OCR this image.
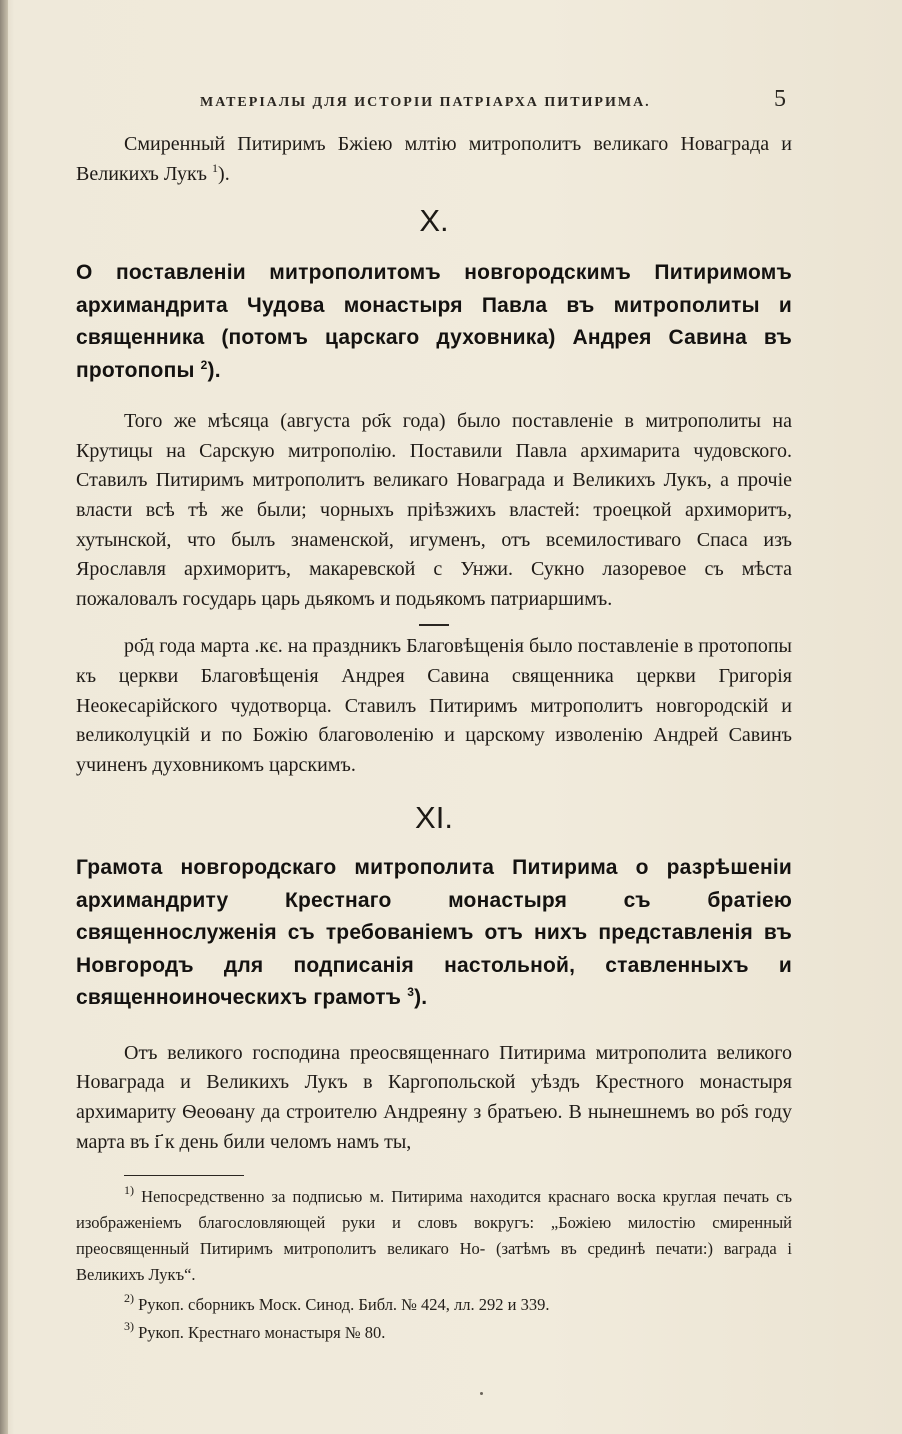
МАТЕРІАЛЫ ДЛЯ ИСТОРІИ ПАТРІАРХА ПИТИРИМА.	5

Смиренный Питиримъ Бжіею млтію митрополитъ великаго Новаграда и Великихъ Лукъ $^1$).

X.
О поставленіи митрополитомъ новгородскимъ Питиримомъ архимандрита Чудова монастыря Павла въ митрополиты и священника (потомъ царскаго духовника) Андрея Савина въ протопопы $^2$).

Того же мѣсяца (августа ро҃к года) было поставленіе в митрополиты на Крутицы на Сарскую митрополію. Поставили Павла архимарита чудовского. Ставилъ Питиримъ митрополитъ великаго Новаграда и Великихъ Лукъ, а прочіе власти всѣ тѣ же были; чорныхъ пріѣзжихъ властей: троецкой архиморитъ, хутынской, что былъ знаменской, игуменъ, отъ всемилостиваго Спаса изъ Ярославля архиморитъ, макаревской с Унжи. Сукно лазоревое съ мѣста пожаловалъ государь царь дьякомъ и подьякомъ патриаршимъ.

ро҃д года марта .кє. на праздникъ Благовѣщенія было поставленіе в протопопы къ церкви Благовѣщенія Андрея Савина священника церкви Григорія Неокесарійского чудотворца. Ставилъ Питиримъ митрополитъ новгородскій и великолуцкій и по Божію благоволенію и царскому изволенію Андрей Савинъ учиненъ духовникомъ царскимъ.

XI.
Грамота новгородскаго митрополита Питирима о разрѣшеніи архимандриту Крестнаго монастыря съ братіею священнослуженія съ требованіемъ отъ нихъ представленія въ Новгородъ для подписанія настольной, ставленныхъ и священноиноческихъ грамотъ $^3$).

Отъ великого господина преосвященнаго Питирима митрополита великого Новаграда и Великихъ Лукъ в Каргопольской уѣздъ Крестного монастыря архимариту Ѳеоѳану да строителю Андреяну з братьею. В нынешнемъ во ро҃ѕ году марта въ і҃ к день били челомъ намъ ты,

$^{1)}$ Непосредственно за подписью м. Питирима находится краснаго воска круглая печать съ изображеніемъ благословляющей руки и словъ вокругъ: „Божіею милостію смиренный преосвященный Питиримъ митрополитъ великаго Но- (затѣмъ въ срединѣ печати:) ваграда і Великихъ Лукъ“.

$^{2)}$ Рукоп. сборникъ Моск. Синод. Библ. № 424, лл. 292 и 339.

$^{3)}$ Рукоп. Крестнаго монастыря № 80.
